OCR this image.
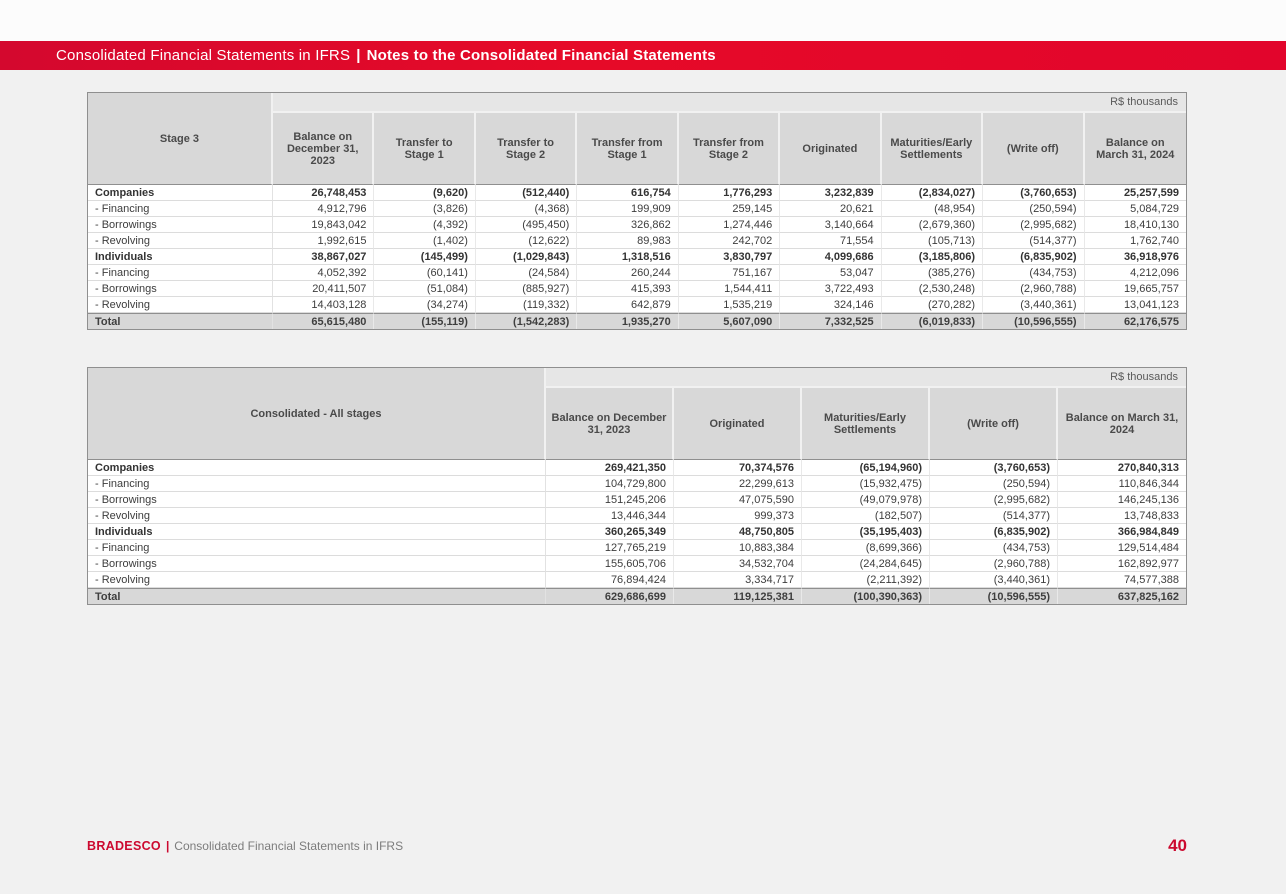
Consolidated Financial Statements in IFRS | Notes to the Consolidated Financial Statements
Stage 3	R$ thousands								
	Balance on December 31, 2023	Transfer to Stage 1	Transfer to Stage 2	Transfer from Stage 1	Transfer from Stage 2	Originated	Maturities/Early Settlements	(Write off)	Balance on March 31, 2024
Companies	26,748,453	(9,620)	(512,440)	616,754	1,776,293	3,232,839	(2,834,027)	(3,760,653)	25,257,599
- Financing	4,912,796	(3,826)	(4,368)	199,909	259,145	20,621	(48,954)	(250,594)	5,084,729
- Borrowings	19,843,042	(4,392)	(495,450)	326,862	1,274,446	3,140,664	(2,679,360)	(2,995,682)	18,410,130
- Revolving	1,992,615	(1,402)	(12,622)	89,983	242,702	71,554	(105,713)	(514,377)	1,762,740
Individuals	38,867,027	(145,499)	(1,029,843)	1,318,516	3,830,797	4,099,686	(3,185,806)	(6,835,902)	36,918,976
- Financing	4,052,392	(60,141)	(24,584)	260,244	751,167	53,047	(385,276)	(434,753)	4,212,096
- Borrowings	20,411,507	(51,084)	(885,927)	415,393	1,544,411	3,722,493	(2,530,248)	(2,960,788)	19,665,757
- Revolving	14,403,128	(34,274)	(119,332)	642,879	1,535,219	324,146	(270,282)	(3,440,361)	13,041,123
Total	65,615,480	(155,119)	(1,542,283)	1,935,270	5,607,090	7,332,525	(6,019,833)	(10,596,555)	62,176,575
Consolidated - All stages	R$ thousands				
	Balance on December 31, 2023	Originated	Maturities/Early Settlements	(Write off)	Balance on March 31, 2024
Companies	269,421,350	70,374,576	(65,194,960)	(3,760,653)	270,840,313
- Financing	104,729,800	22,299,613	(15,932,475)	(250,594)	110,846,344
- Borrowings	151,245,206	47,075,590	(49,079,978)	(2,995,682)	146,245,136
- Revolving	13,446,344	999,373	(182,507)	(514,377)	13,748,833
Individuals	360,265,349	48,750,805	(35,195,403)	(6,835,902)	366,984,849
- Financing	127,765,219	10,883,384	(8,699,366)	(434,753)	129,514,484
- Borrowings	155,605,706	34,532,704	(24,284,645)	(2,960,788)	162,892,977
- Revolving	76,894,424	3,334,717	(2,211,392)	(3,440,361)	74,577,388
Total	629,686,699	119,125,381	(100,390,363)	(10,596,555)	637,825,162
BRADESCO | Consolidated Financial Statements in IFRS	40
